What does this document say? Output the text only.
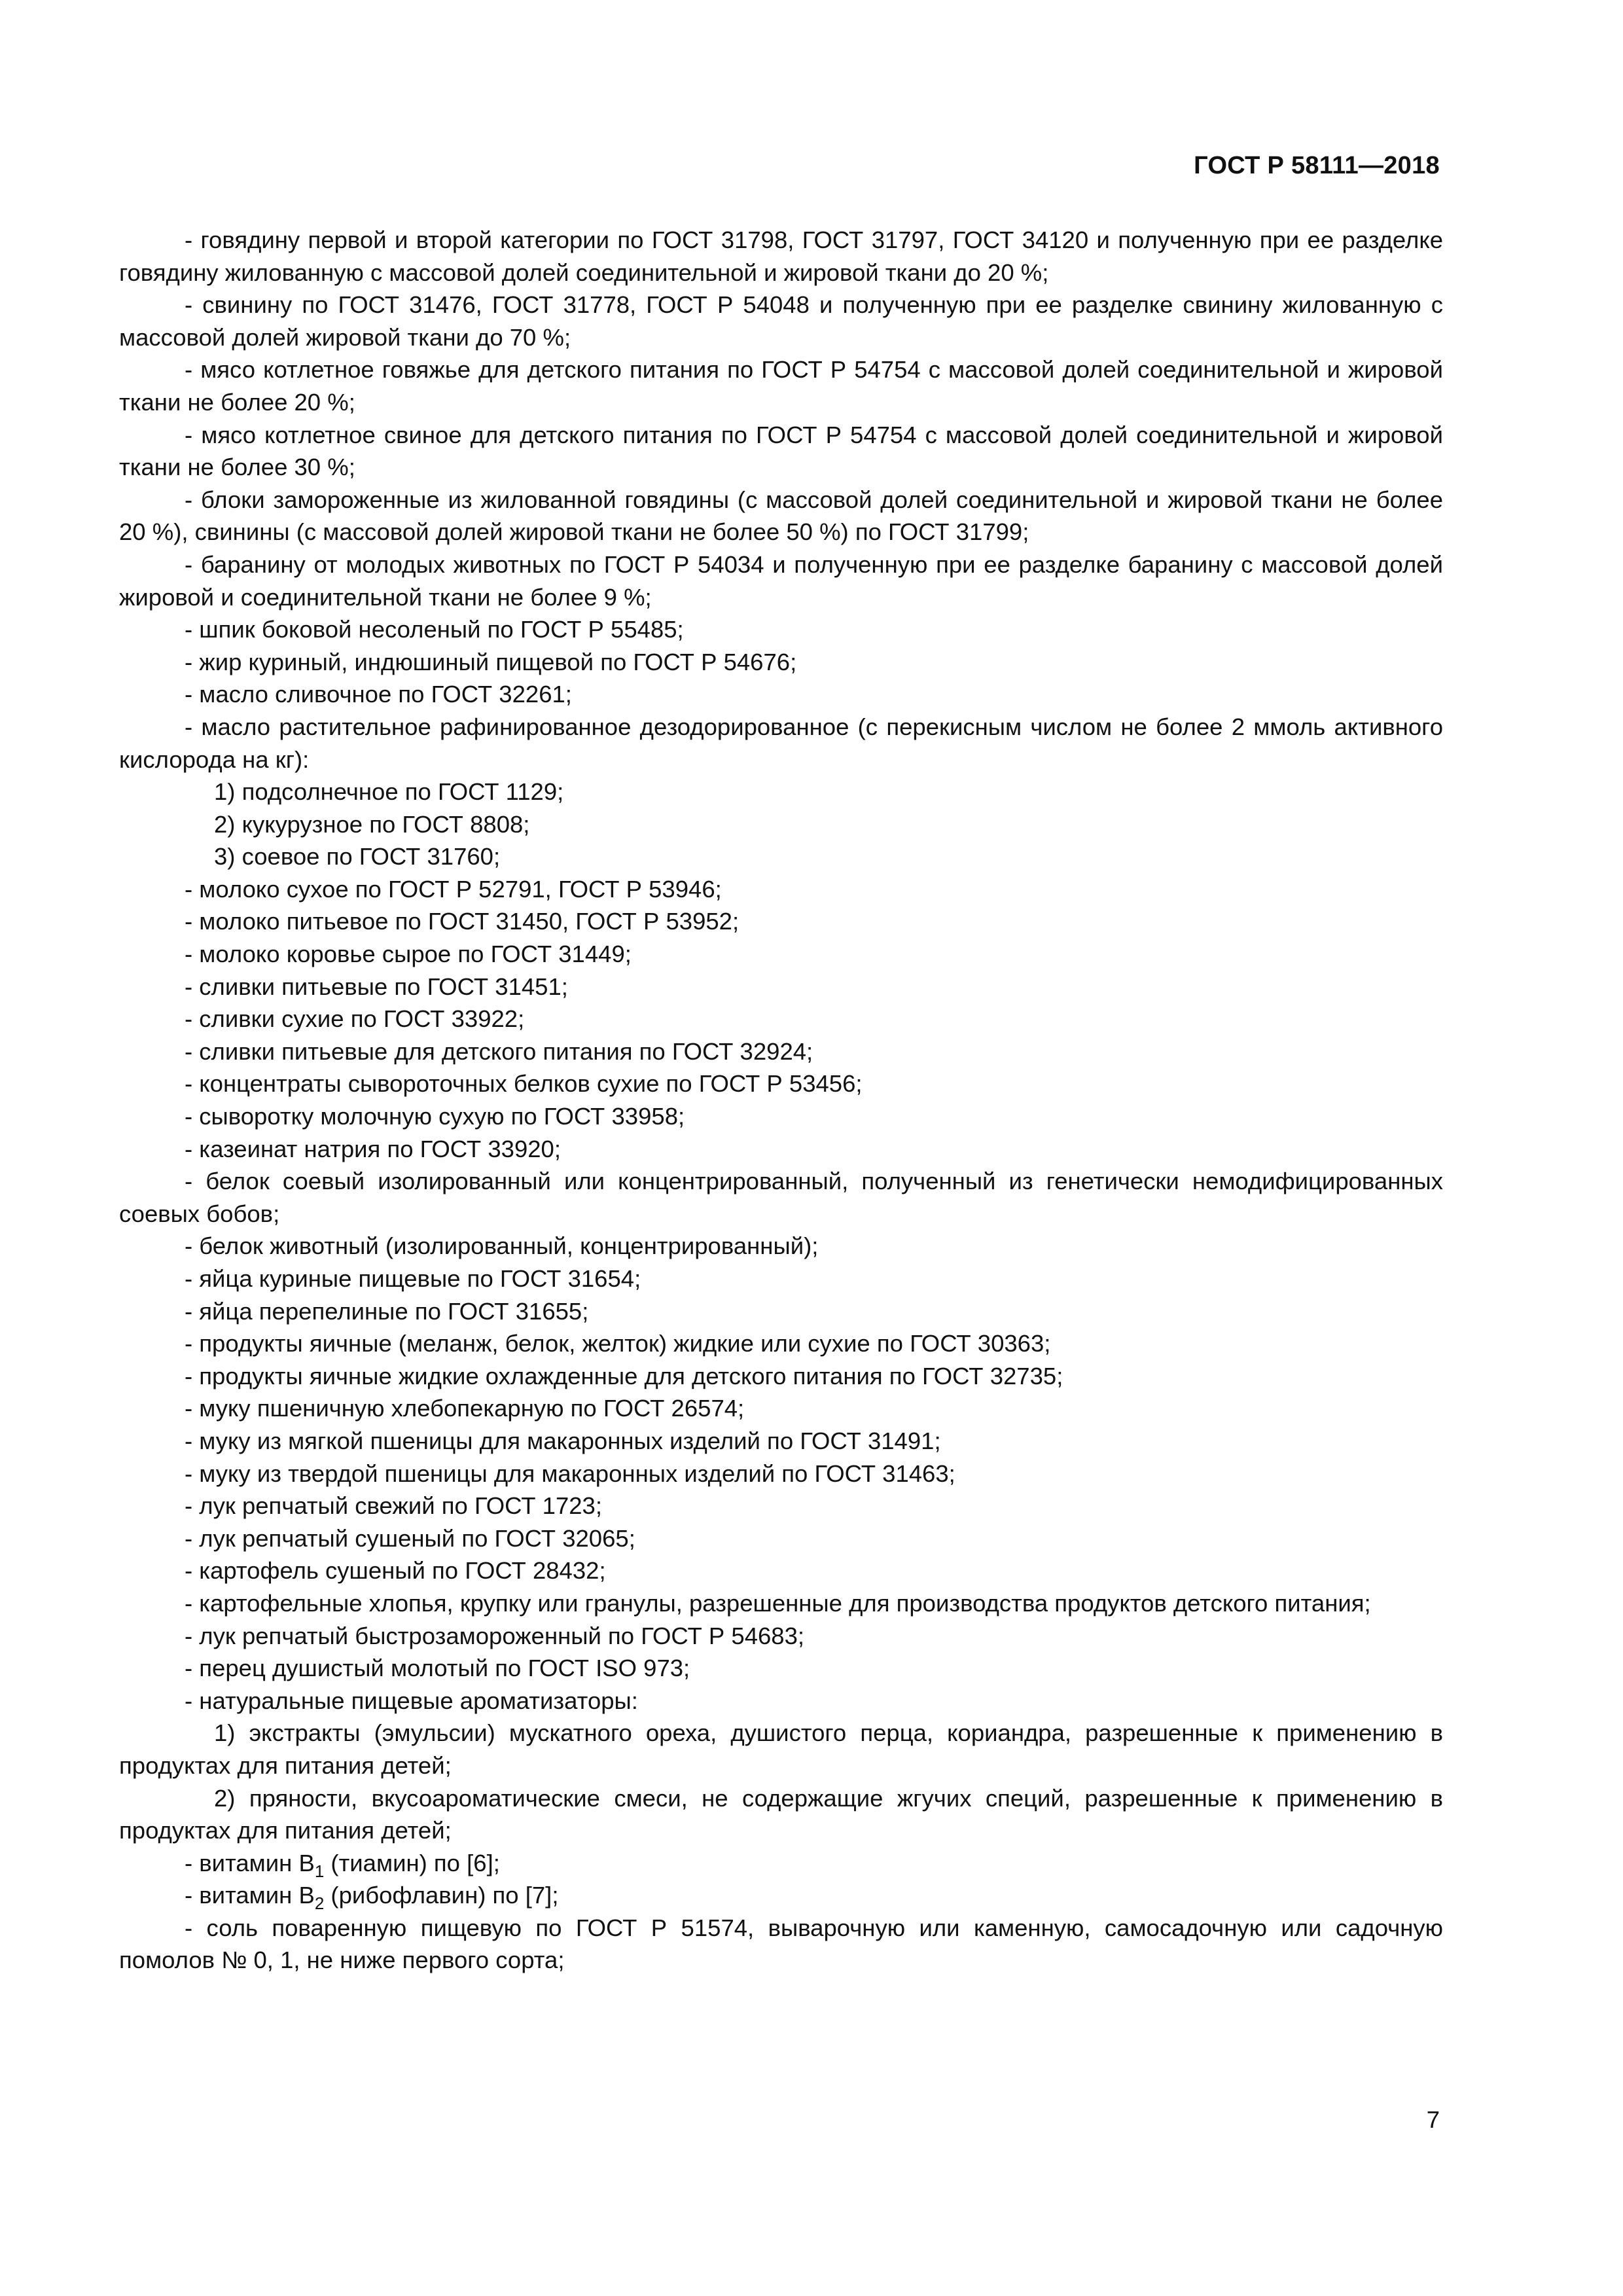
ГОСТ Р 58111—2018

- говядину первой и второй категории по ГОСТ 31798, ГОСТ 31797, ГОСТ 34120 и полученную при ее разделке говядину жилованную с массовой долей соединительной и жировой ткани до 20 %;

- свинину по ГОСТ 31476, ГОСТ 31778, ГОСТ Р 54048 и полученную при ее разделке свинину жилованную с массовой долей жировой ткани до 70 %;

- мясо котлетное говяжье для детского питания по ГОСТ Р 54754 с массовой долей соединительной и жировой ткани не более 20 %;

- мясо котлетное свиное для детского питания по ГОСТ Р 54754 с массовой долей соединительной и жировой ткани не более 30 %;

- блоки замороженные из жилованной говядины (с массовой долей соединительной и жировой ткани не более 20 %), свинины (с массовой долей жировой ткани не более 50 %) по ГОСТ 31799;

- баранину от молодых животных по ГОСТ Р 54034 и полученную при ее разделке баранину с массовой долей жировой и соединительной ткани не более 9 %;

- шпик боковой несоленый по ГОСТ Р 55485;

- жир куриный, индюшиный пищевой по ГОСТ Р 54676;

- масло сливочное по ГОСТ 32261;

- масло растительное рафинированное дезодорированное (с перекисным числом не более 2 ммоль активного кислорода на кг):

1) подсолнечное по ГОСТ 1129;

2) кукурузное по ГОСТ 8808;

3) соевое по ГОСТ 31760;

- молоко сухое по ГОСТ Р 52791, ГОСТ Р 53946;

- молоко питьевое по ГОСТ 31450, ГОСТ Р 53952;

- молоко коровье сырое по ГОСТ 31449;

- сливки питьевые по ГОСТ 31451;

- сливки сухие по ГОСТ 33922;

- сливки питьевые для детского питания по ГОСТ 32924;

- концентраты сывороточных белков сухие по ГОСТ Р 53456;

- сыворотку молочную сухую по ГОСТ 33958;

- казеинат натрия по ГОСТ 33920;

- белок соевый изолированный или концентрированный, полученный из генетически немодифицированных соевых бобов;

- белок животный (изолированный, концентрированный);

- яйца куриные пищевые по ГОСТ 31654;

- яйца перепелиные по ГОСТ 31655;

- продукты яичные (меланж, белок, желток) жидкие или сухие по ГОСТ 30363;

- продукты яичные жидкие охлажденные для детского питания по ГОСТ 32735;

- муку пшеничную хлебопекарную по ГОСТ 26574;

- муку из мягкой пшеницы для макаронных изделий по ГОСТ 31491;

- муку из твердой пшеницы для макаронных изделий по ГОСТ 31463;

- лук репчатый свежий по ГОСТ 1723;

- лук репчатый сушеный по ГОСТ 32065;

- картофель сушеный по ГОСТ 28432;

- картофельные хлопья, крупку или гранулы, разрешенные для производства продуктов детского питания;

- лук репчатый быстрозамороженный по ГОСТ Р 54683;

- перец душистый молотый по ГОСТ ISO 973;

- натуральные пищевые ароматизаторы:

1) экстракты (эмульсии) мускатного ореха, душистого перца, кориандра, разрешенные к применению в продуктах для питания детей;

2) пряности, вкусоароматические смеси, не содержащие жгучих специй, разрешенные к применению в продуктах для питания детей;

- витамин $В_1$ (тиамин) по [6];

- витамин $В_2$ (рибофлавин) по [7];

- соль поваренную пищевую по ГОСТ Р 51574, выварочную или каменную, самосадочную или садочную помолов № 0, 1, не ниже первого сорта;

7
